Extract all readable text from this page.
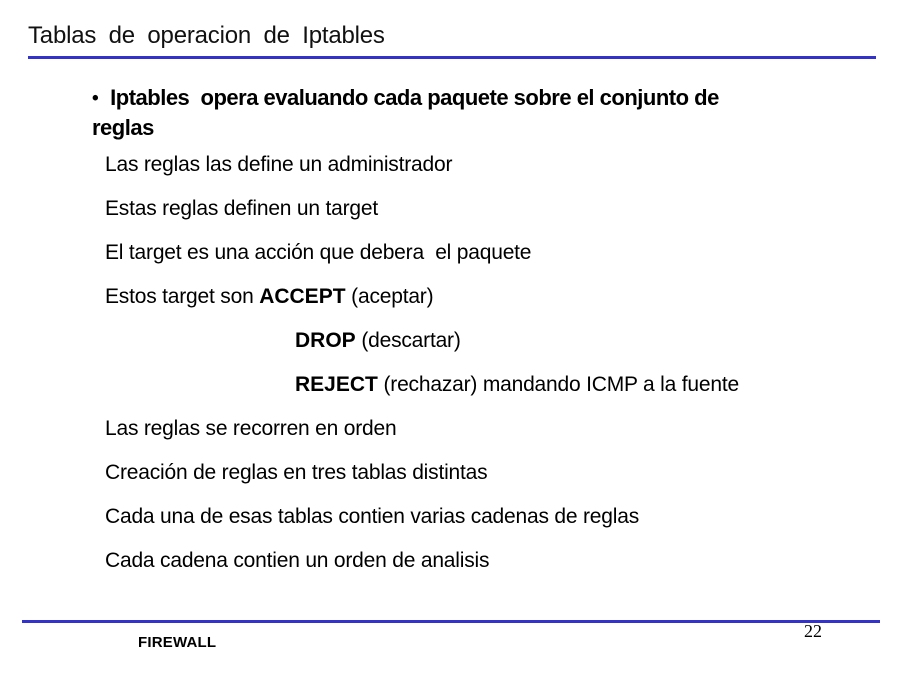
Tablas de operacion de Iptables
• Iptables  opera evaluando cada paquete sobre el conjunto de
reglas
Las reglas las define un administrador
Estas reglas definen un target
El target es una acción que debera  el paquete
Estos target son ACCEPT (aceptar)
DROP (descartar)
REJECT (rechazar) mandando ICMP a la fuente
Las reglas se recorren en orden
Creación de reglas en tres tablas distintas
Cada una de esas tablas contien varias cadenas de reglas
Cada cadena contien un orden de analisis
FIREWALL
22
